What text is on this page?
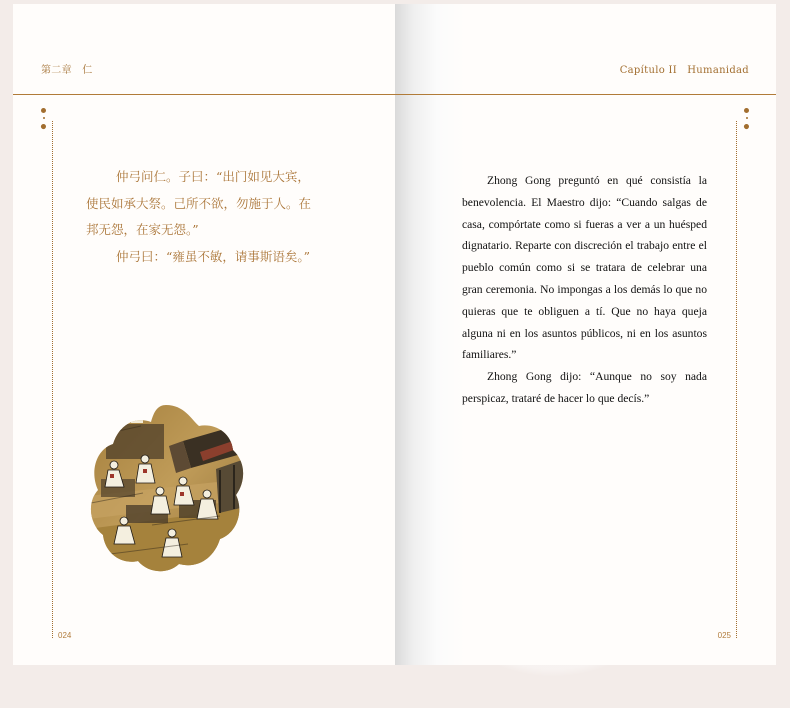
第二章　仁

仲弓问仁。子曰：“出门如见大宾，

使民如承大祭。己所不欲，勿施于人。在

邦无怨，在家无怨。”

仲弓曰：“雍虽不敏，请事斯语矣。”

024
Capítulo II　Humanidad

Zhong Gong preguntó en qué consistía la benevolencia. El Maestro dijo: “Cuando salgas de casa, compórtate como si fueras a ver a un huésped dignatario. Reparte con discreción el trabajo entre el pueblo común como si se tratara de celebrar una gran ceremonia. No impongas a los demás lo que no quieras que te obliguen a tí. Que no haya queja alguna ni en los asuntos públicos, ni en los asuntos familiares.”

Zhong Gong dijo: “Aunque no soy nada perspicaz, trataré de hacer lo que decís.”

025
